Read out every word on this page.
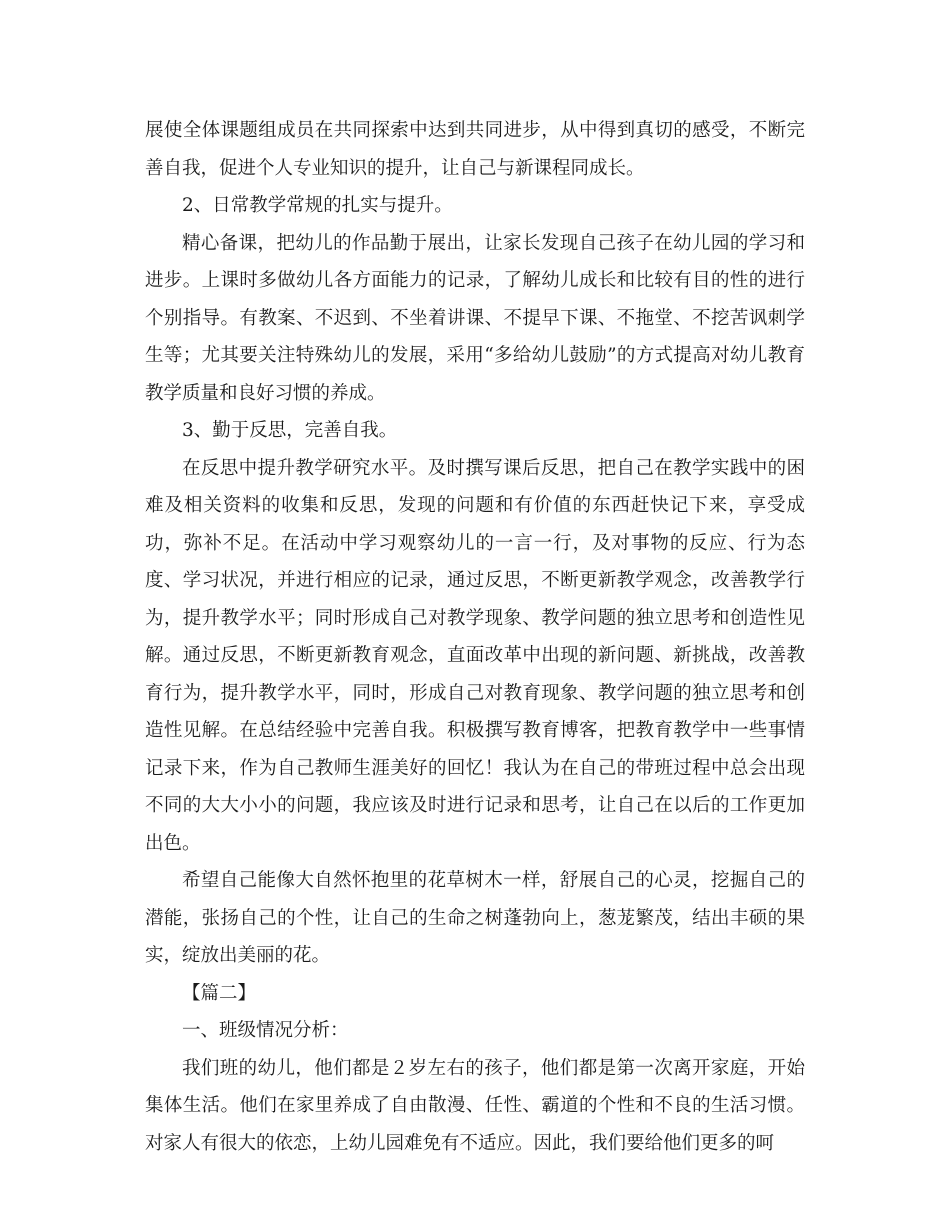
展使全体课题组成员在共同探索中达到共同进步，从中得到真切的感受，不断完善自我，促进个人专业知识的提升，让自己与新课程同成长。

2、日常教学常规的扎实与提升。

精心备课，把幼儿的作品勤于展出，让家长发现自己孩子在幼儿园的学习和进步。上课时多做幼儿各方面能力的记录，了解幼儿成长和比较有目的性的进行个别指导。有教案、不迟到、不坐着讲课、不提早下课、不拖堂、不挖苦讽刺学生等；尤其要关注特殊幼儿的发展，采用“多给幼儿鼓励”的方式提高对幼儿教育教学质量和良好习惯的养成。

3、勤于反思，完善自我。

在反思中提升教学研究水平。及时撰写课后反思，把自己在教学实践中的困难及相关资料的收集和反思，发现的问题和有价值的东西赶快记下来，享受成功，弥补不足。在活动中学习观察幼儿的一言一行，及对事物的反应、行为态度、学习状况，并进行相应的记录，通过反思，不断更新教学观念，改善教学行为，提升教学水平；同时形成自己对教学现象、教学问题的独立思考和创造性见解。通过反思，不断更新教育观念，直面改革中出现的新问题、新挑战，改善教育行为，提升教学水平，同时，形成自己对教育现象、教学问题的独立思考和创造性见解。在总结经验中完善自我。积极撰写教育博客，把教育教学中一些事情记录下来，作为自己教师生涯美好的回忆！我认为在自己的带班过程中总会出现不同的大大小小的问题，我应该及时进行记录和思考，让自己在以后的工作更加出色。

希望自己能像大自然怀抱里的花草树木一样，舒展自己的心灵，挖掘自己的潜能，张扬自己的个性，让自己的生命之树蓬勃向上，葱茏繁茂，结出丰硕的果实，绽放出美丽的花。

【篇二】

一、班级情况分析：

我们班的幼儿，他们都是２岁左右的孩子，他们都是第一次离开家庭，开始集体生活。他们在家里养成了自由散漫、任性、霸道的个性和不良的生活习惯。对家人有很大的依恋，上幼儿园难免有不适应。因此，我们要给他们更多的呵
